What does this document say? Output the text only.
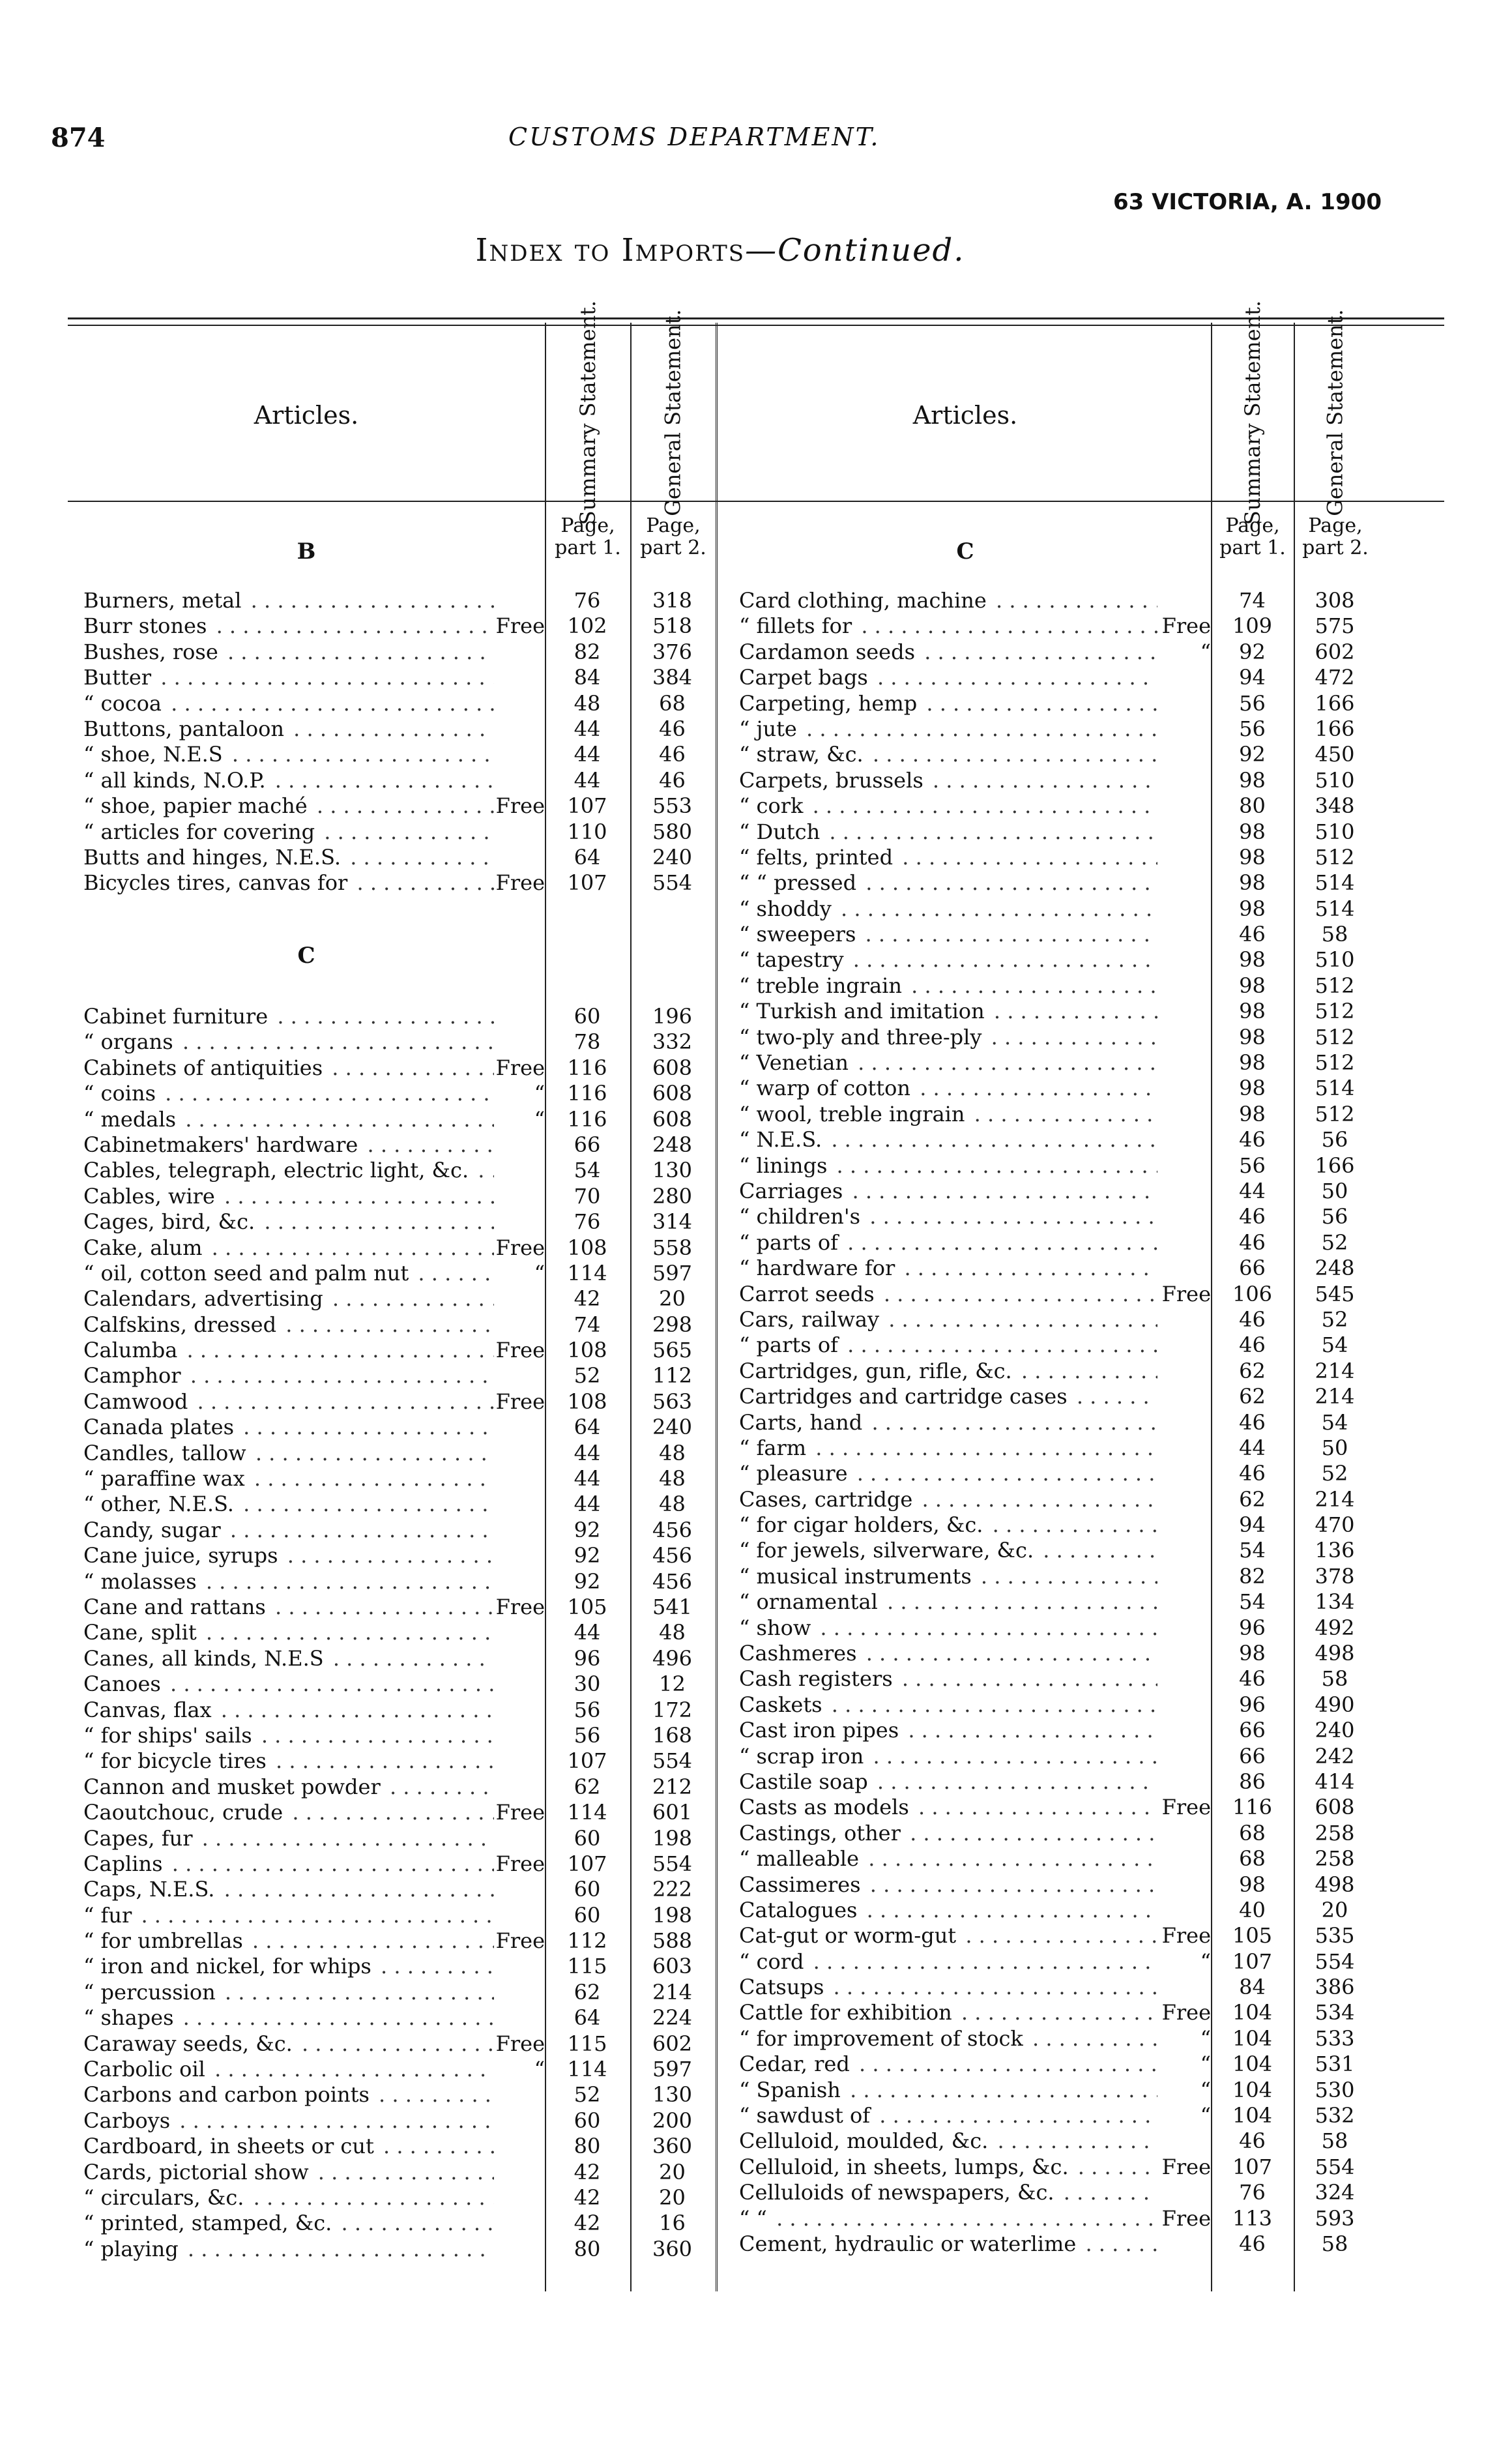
874	CUSTOMS DEPARTMENT.
63 VICTORIA, A. 1900
Index to Imports—Continued.
Articles.	Summary Statement.	General Statement.	Articles.	Summary Statement.	General Statement.
Page, part 1.
Page, part 2.
Page, part 1.
Page, part 2.
B
C
C
Burners, metal . . .	76	318
Burr stones . . .	Free	102	518
Bushes, rose . . .	82	376
Butter . . .	84	384
“ cocoa . . .	48	68
Buttons, pantaloon . . .	44	46
“ shoe, N.E.S . . .	44	46
“ all kinds, N.O.P. . . .	44	46
“ shoe, papier maché . . .	Free	107	553
“ articles for covering . . .	110	580
Butts and hinges, N.E.S. . . .	64	240
Bicycles tires, canvas for . . .	Free	107	554
Cabinet furniture . . .	60	196
“ organs . . .	78	332
Cabinets of antiquities . . .	Free	116	608
“ coins . . .	“	116	608
“ medals . . .	“	116	608
Cabinetmakers' hardware . . .	66	248
Cables, telegraph, electric light, &c. . . .	54	130
Cables, wire . . .	70	280
Cages, bird, &c. . . .	76	314
Cake, alum . . .	Free	108	558
“ oil, cotton seed and palm nut . . .	“	114	597
Calendars, advertising . . .	42	20
Calfskins, dressed . . .	74	298
Calumba . . .	Free	108	565
Camphor . . .	52	112
Camwood . . .	Free	108	563
Canada plates . . .	64	240
Candles, tallow . . .	44	48
“ paraffine wax . . .	44	48
“ other, N.E.S. . . .	44	48
Candy, sugar . . .	92	456
Cane juice, syrups . . .	92	456
“ molasses . . .	92	456
Cane and rattans . . .	Free	105	541
Cane, split . . .	44	48
Canes, all kinds, N.E.S . . .	96	496
Canoes . . .	30	12
Canvas, flax . . .	56	172
“ for ships' sails . . .	56	168
“ for bicycle tires . . .	107	554
Cannon and musket powder . . .	62	212
Caoutchouc, crude . . .	Free	114	601
Capes, fur . . .	60	198
Caplins . . .	Free	107	554
Caps, N.E.S. . . .	60	222
“ fur . . .	60	198
“ for umbrellas . . .	Free	112	588
“ iron and nickel, for whips . . .	115	603
“ percussion . . .	62	214
“ shapes . . .	64	224
Caraway seeds, &c. . . .	Free	115	602
Carbolic oil . . .	“	114	597
Carbons and carbon points . . .	52	130
Carboys . . .	60	200
Cardboard, in sheets or cut . . .	80	360
Cards, pictorial show . . .	42	20
“ circulars, &c. . . .	42	20
“ printed, stamped, &c. . . .	42	16
“ playing . . .	80	360
Card clothing, machine . . .	74	308
“ fillets for . . .	Free	109	575
Cardamon seeds . . .	“	92	602
Carpet bags . . .	94	472
Carpeting, hemp . . .	56	166
“ jute . . .	56	166
“ straw, &c. . . .	92	450
Carpets, brussels . . .	98	510
“ cork . . .	80	348
“ Dutch . . .	98	510
“ felts, printed . . .	98	512
“ “ pressed . . .	98	514
“ shoddy . . .	98	514
“ sweepers . . .	46	58
“ tapestry . . .	98	510
“ treble ingrain . . .	98	512
“ Turkish and imitation . . .	98	512
“ two-ply and three-ply . . .	98	512
“ Venetian . . .	98	512
“ warp of cotton . . .	98	514
“ wool, treble ingrain . . .	98	512
“ N.E.S. . . .	46	56
“ linings . . .	56	166
Carriages . . .	44	50
“ children's . . .	46	56
“ parts of . . .	46	52
“ hardware for . . .	66	248
Carrot seeds . . .	Free	106	545
Cars, railway . . .	46	52
“ parts of . . .	46	54
Cartridges, gun, rifle, &c. . . .	62	214
Cartridges and cartridge cases . . .	62	214
Carts, hand . . .	46	54
“ farm . . .	44	50
“ pleasure . . .	46	52
Cases, cartridge . . .	62	214
“ for cigar holders, &c. . . .	94	470
“ for jewels, silverware, &c. . . .	54	136
“ musical instruments . . .	82	378
“ ornamental . . .	54	134
“ show . . .	96	492
Cashmeres . . .	98	498
Cash registers . . .	46	58
Caskets . . .	96	490
Cast iron pipes . . .	66	240
“ scrap iron . . .	66	242
Castile soap . . .	86	414
Casts as models . . .	Free	116	608
Castings, other . . .	68	258
“ malleable . . .	68	258
Cassimeres . . .	98	498
Catalogues . . .	40	20
Cat-gut or worm-gut . . .	Free	105	535
“ cord . . .	“	107	554
Catsups . . .	84	386
Cattle for exhibition . . .	Free	104	534
“ for improvement of stock . . .	“	104	533
Cedar, red . . .	“	104	531
“ Spanish . . .	“	104	530
“ sawdust of . . .	“	104	532
Celluloid, moulded, &c. . . .	46	58
Celluloid, in sheets, lumps, &c. . . .	Free	107	554
Celluloids of newspapers, &c. . . .	76	324
“ “ . . .	Free	113	593
Cement, hydraulic or waterlime . . .	46	58
